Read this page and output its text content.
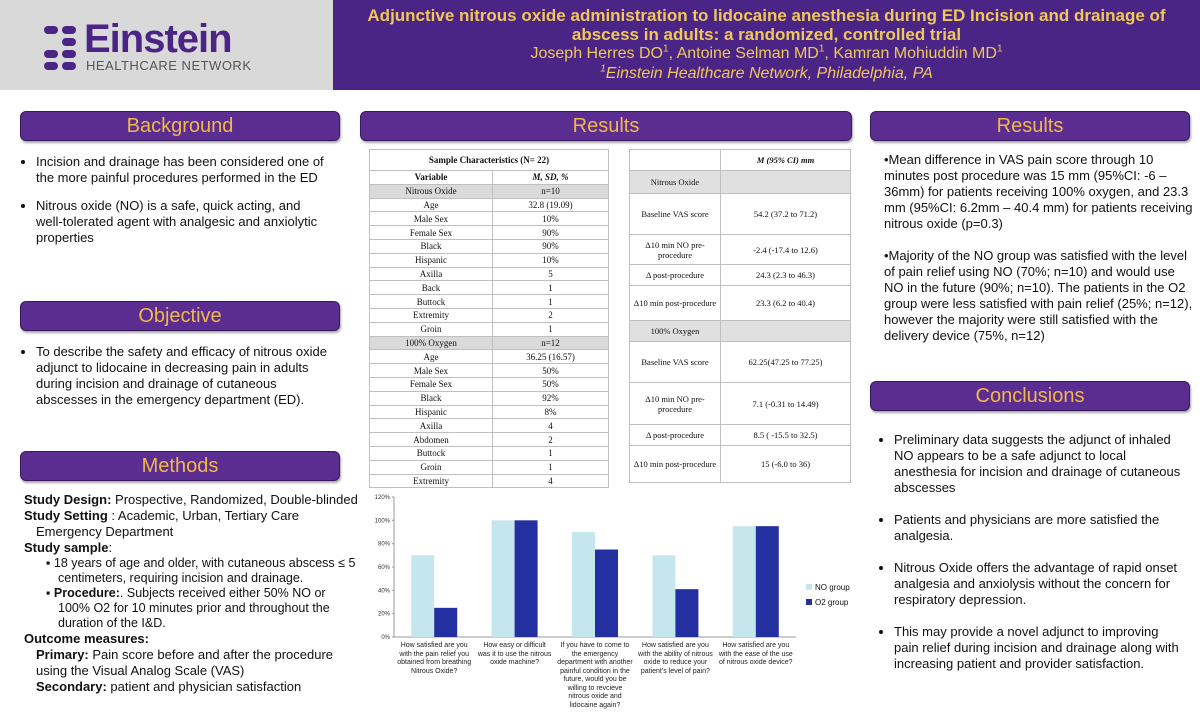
Einstein
HEALTHCARE NETWORK
Adjunctive nitrous oxide administration to lidocaine anesthesia during ED Incision and drainage of
abscess in adults: a randomized, controlled trial
Joseph Herres $DO^1$, Antoine Selman $MD^1$, Kamran Mohiuddin $MD^1$
$^1$Einstein Healthcare Network, Philadelphia, PA
Background
• Incision and drainage has been considered one of the more painful procedures performed in the ED
• Nitrous oxide (NO) is a safe, quick acting, and well-tolerated agent with analgesic and anxiolytic properties
Objective
• To describe the safety and efficacy of nitrous oxide adjunct to lidocaine in decreasing pain in adults during incision and drainage of cutaneous abscesses in the emergency department (ED).
Methods
Study Design: Prospective, Randomized, Double-blinded
Study Setting : Academic, Urban, Tertiary Care Emergency Department
Study sample:
▪ 18 years of age and older, with cutaneous abscess ≤ 5 centimeters, requiring incision and drainage.
▪ Procedure:. Subjects received either 50% NO or 100% O2 for 10 minutes prior and throughout the duration of the I&D.
Outcome measures:
Primary: Pain score before and after the procedure using the Visual Analog Scale (VAS)
Secondary: patient and physician satisfaction
Results
Sample Characteristics (N= 22)	
Variable	M, SD, %
Nitrous Oxide	n=10
Age	32.8 (19.09)
Male Sex	10%
Female Sex	90%
Black	90%
Hispanic	10%
Axilla	5
Back	1
Buttock	1
Extremity	2
Groin	1
100% Oxygen	n=12
Age	36.25 (16.57)
Male Sex	50%
Female Sex	50%
Black	92%
Hispanic	8%
Axilla	4
Abdomen	2
Buttock	1
Groin	1
Extremity	4
	M (95% CI) mm
Nitrous Oxide	
Baseline VAS score	54.2 (37.2 to 71.2)
Δ10 min NO pre-procedure	-2.4 (-17.4 to 12.6)
Δ post-procedure	24.3 (2.3 to 46.3)
Δ10 min post-procedure	23.3 (6.2 to 40.4)
100% Oxygen	
Baseline VAS score	62.25(47.25 to 77.25)
Δ10 min NO pre-procedure	7.1 (-0.31 to 14.49)
Δ post-procedure	8.5 ( -15.5 to 32.5)
Δ10 min post-procedure	15 (-6.0 to 36)
0%
20%
40%
60%
80%
100%
120%
How satisfied are you with the pain relief you obtained from breathing Nitrous Oxide?
How easy or difficult was it to use the nitrous oxide machine?
If you have to come to the emergency department with another painful condition in the future, would you be willing to revcieve nitrous oxide and lidocaine again?
How satisfied are you with the ability of nitrous oxide to reduce your patient's level of pain?
How satisfied are you with the ease of the use of nitrous oxide device?
NO group
O2 group
Results
•Mean difference in VAS pain score through 10 minutes post procedure was 15 mm (95%CI: -6 – 36mm) for patients receiving 100% oxygen, and 23.3 mm (95%CI: 6.2mm – 40.4 mm) for patients receiving nitrous oxide (p=0.3)
•Majority of the NO group was satisfied with the level of pain relief using NO (70%; n=10) and would use NO in the future (90%; n=10). The patients in the O2 group were less satisfied with pain relief (25%; n=12), however the majority were still satisfied with the delivery device (75%, n=12)
Conclusions
• Preliminary data suggests the adjunct of inhaled NO appears to be a safe adjunct to local anesthesia for incision and drainage of cutaneous abscesses
• Patients and physicians are more satisfied the analgesia.
• Nitrous Oxide offers the advantage of rapid onset analgesia and anxiolysis without the concern for respiratory depression.
• This may provide a novel adjunct to improving pain relief during incision and drainage along with increasing patient and provider satisfaction.
